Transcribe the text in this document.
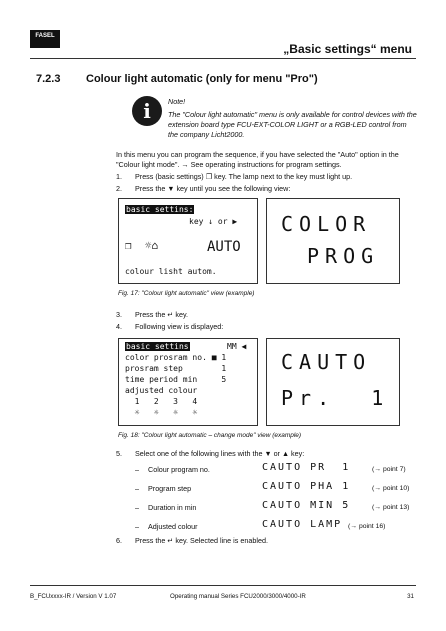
FASEL
„Basic settings“ menu
7.2.3 Colour light automatic (only for menu "Pro")
i	Note!

The "Colour light automatic" menu is only available for control devices with the extension board type FCU-EXT-COLOR LIGHT or a RGB-LED control from the company Licht2000.

In this menu you can program the sequence, if you have selected the "Auto" option in the "Colour light mode". → See operating instructions for program settings.
1. Press (basic settings) ❐ key. The lamp next to the key must light up.
2. Press the ▼ key until you see the following view:
basic settins:
key ↓ or ▶
❐  ☼⌂	AUTO
colour lisht autom.
COLOR
PROG
Fig. 17: "Colour light automatic" view (example)
3. Press the ↵ key.
4. Following view is displayed:
basic settins	MM ◀
color prosram no. ■ 1
prosram step        1
time period min     5
adjusted colour
1   2   3   4
☼   ☼   ☼   ☼
CAUTO
Pr.  1
Fig. 18: "Colour light automatic – change mode" view (example)
5. Select one of the following lines with the ▼ or ▲ key:
– Colour program no.	CAUTO PR  1	(→ point 7)
– Program step	CAUTO PHA 1	(→ point 10)
– Duration in min	CAUTO MIN 5	(→ point 13)
– Adjusted colour	CAUTO LAMP (→ point 16)
6. Press the ↵ key. Selected line is enabled.
B_FCUxxxx-IR / Version V 1.07	Operating manual Series FCU2000/3000/4000-IR	31
